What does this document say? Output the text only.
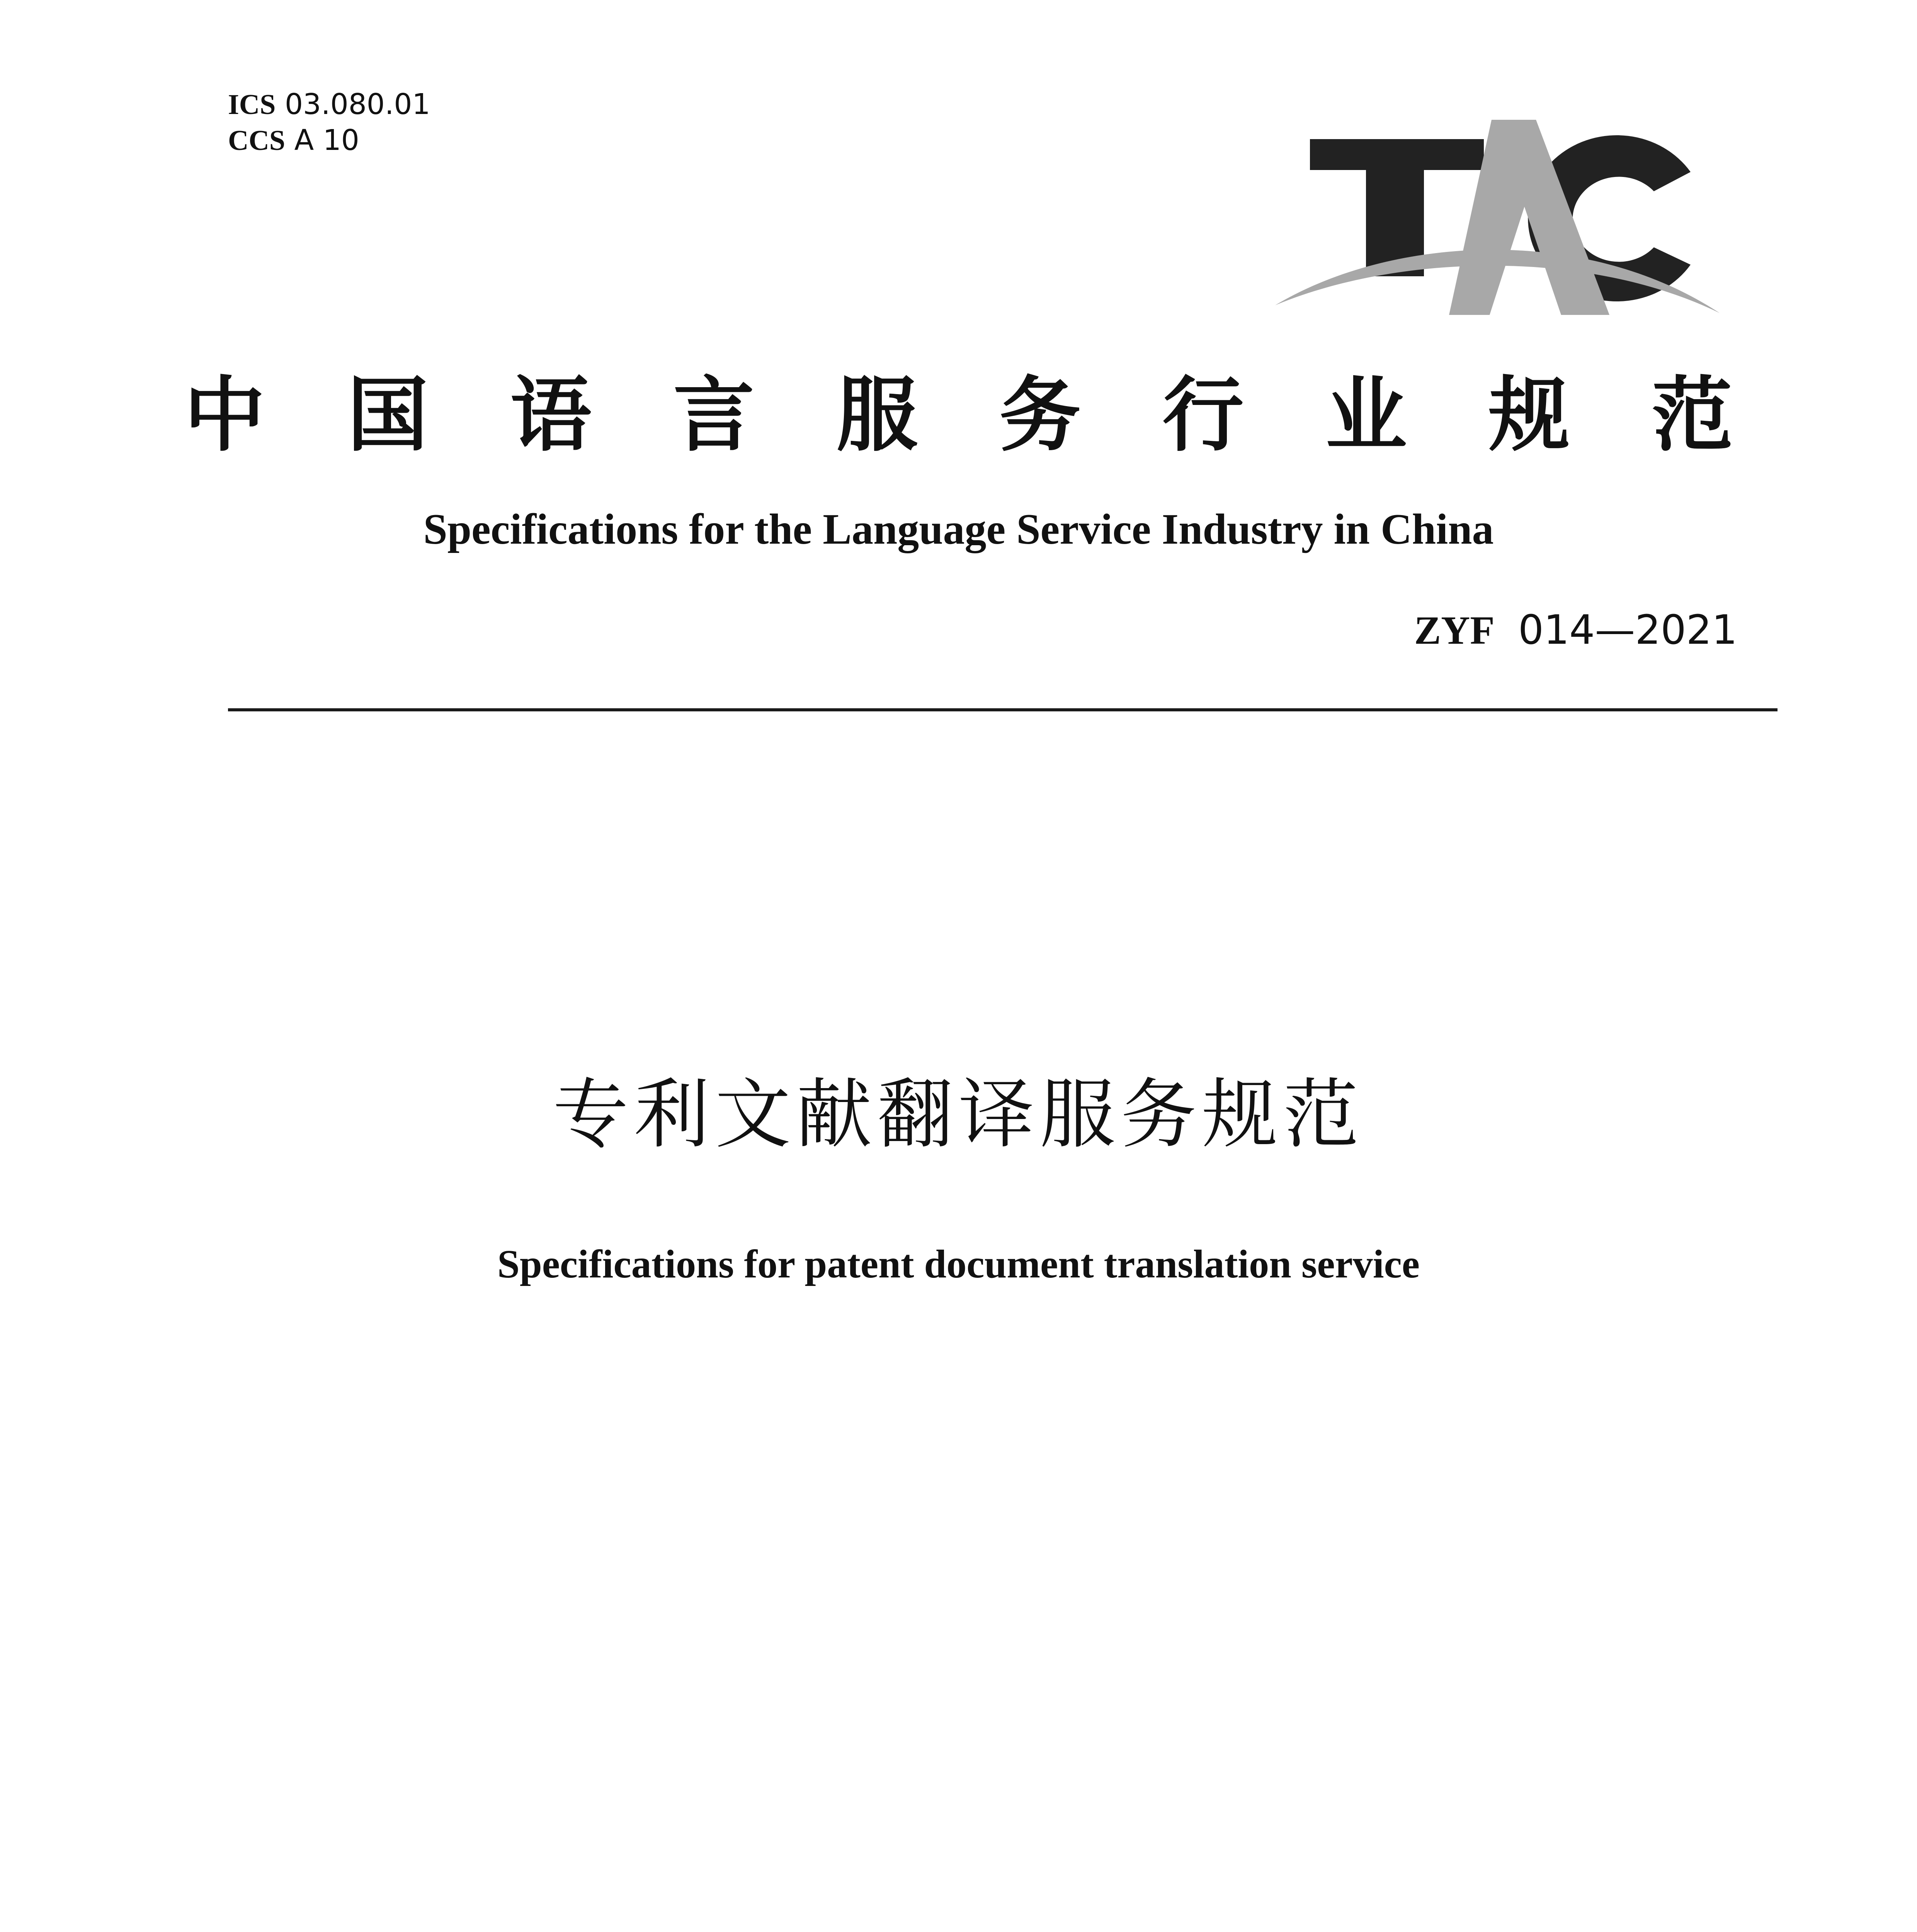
ICS 03.080.01
CCS A 10
中国语言服务行业规范
Specifications for the Language Service Industry in China
ZYF 014—2021
专利文献翻译服务规范
Specifications for patent document translation service
